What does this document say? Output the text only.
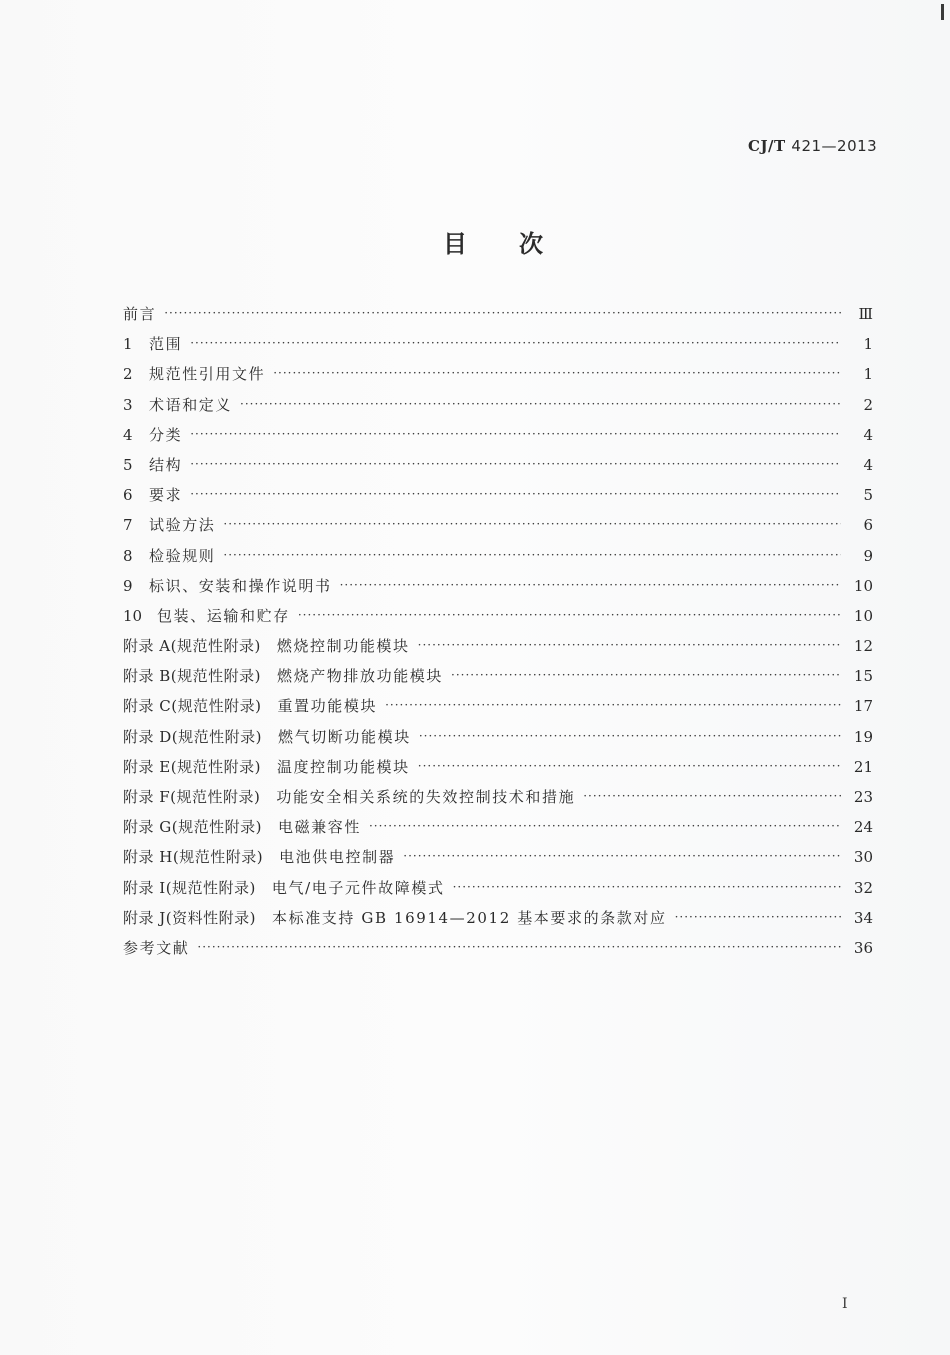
CJ/T 421—2013
目次
前言 ·····	Ⅲ
1	范围 ·····	1
2	规范性引用文件 ·····	1
3	术语和定义 ·····	2
4	分类 ·····	4
5	结构 ·····	4
6	要求 ·····	5
7	试验方法 ·····	6
8	检验规则 ·····	9
9	标识、安装和操作说明书 ·····	10
10 包装、运输和贮存 ·····	10
附录 A(规范性附录) 燃烧控制功能模块 ·····	12
附录 B(规范性附录) 燃烧产物排放功能模块 ·····	15
附录 C(规范性附录) 重置功能模块 ·····	17
附录 D(规范性附录) 燃气切断功能模块 ·····	19
附录 E(规范性附录) 温度控制功能模块 ·····	21
附录 F(规范性附录) 功能安全相关系统的失效控制技术和措施 ·····	23
附录 G(规范性附录) 电磁兼容性 ·····	24
附录 H(规范性附录) 电池供电控制器 ·····	30
附录 I(规范性附录) 电气/电子元件故障模式 ·····	32
附录 J(资料性附录) 本标准支持 GB 16914—2012 基本要求的条款对应 ·····	34
参考文献 ·····	36
I
